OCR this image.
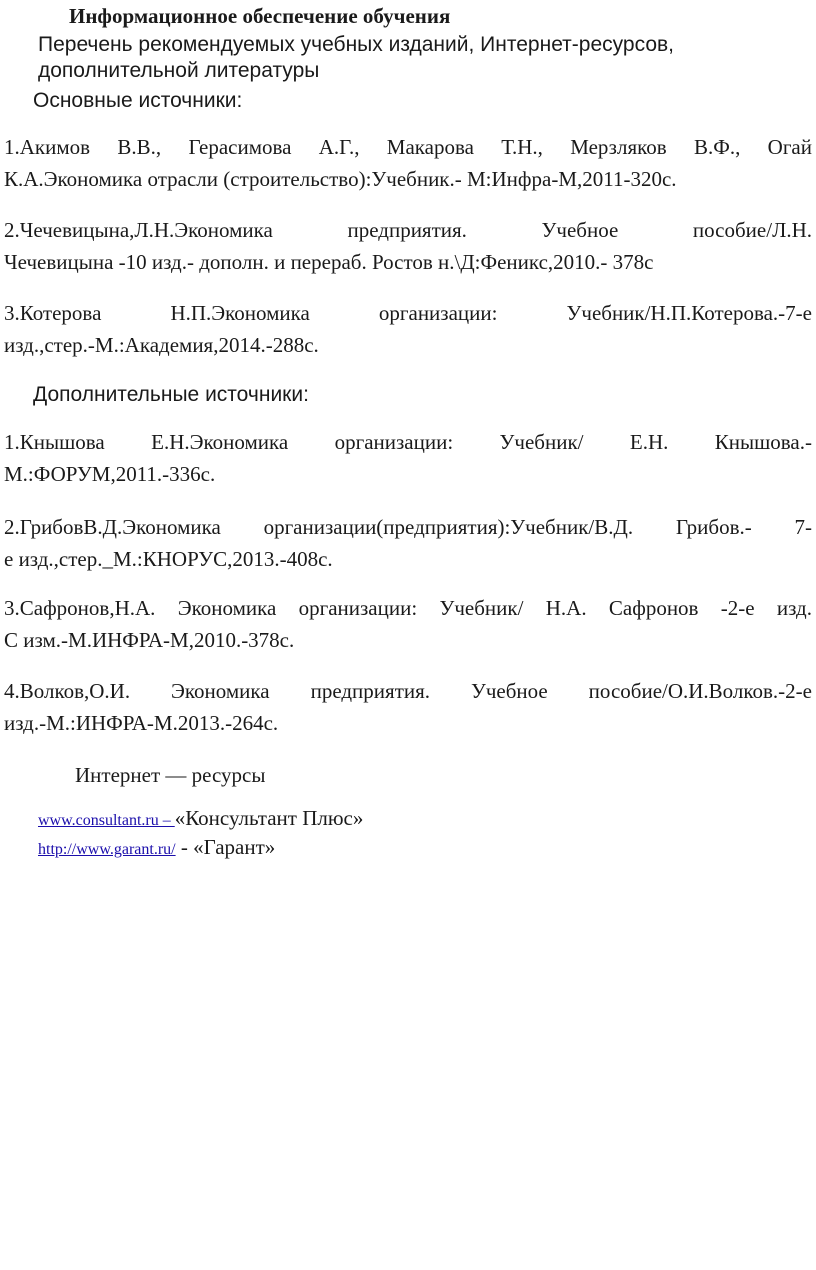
Информационное обеспечение обучения
Перечень рекомендуемых учебных изданий, Интернет-ресурсов, дополнительной литературы
Основные источники:
1.Акимов В.В., Герасимова А.Г., Макарова Т.Н., Мерзляков В.Ф., Огай
К.А.Экономика отрасли (строительство):Учебник.- М:Инфра-М,2011-320с.
2.Чечевицына,Л.Н.Экономика предприятия. Учебное пособие/Л.Н.
Чечевицына -10 изд.- дополн. и перераб. Ростов н.\Д:Феникс,2010.- 378с
3.Котерова Н.П.Экономика организации: Учебник/Н.П.Котерова.-7-е
изд.,стер.-М.:Академия,2014.-288с.
Дополнительные источники:
1.Кнышова Е.Н.Экономика организации: Учебник/ Е.Н. Кнышова.-
М.:ФОРУМ,2011.-336с.
2.ГрибовВ.Д.Экономика организации(предприятия):Учебник/В.Д. Грибов.- 7-
е изд.,стер._М.:КНОРУС,2013.-408с.
3.Сафронов,Н.А. Экономика организации: Учебник/ Н.А. Сафронов -2-е изд.
С изм.-М.ИНФРА-М,2010.-378с.
4.Волков,О.И. Экономика предприятия. Учебное пособие/О.И.Волков.-2-е
изд.-М.:ИНФРА-М.2013.-264с.
Интернет — ресурсы
www.consultant.ru – «Консультант Плюс»
http://www.garant.ru/ - «Гарант»
